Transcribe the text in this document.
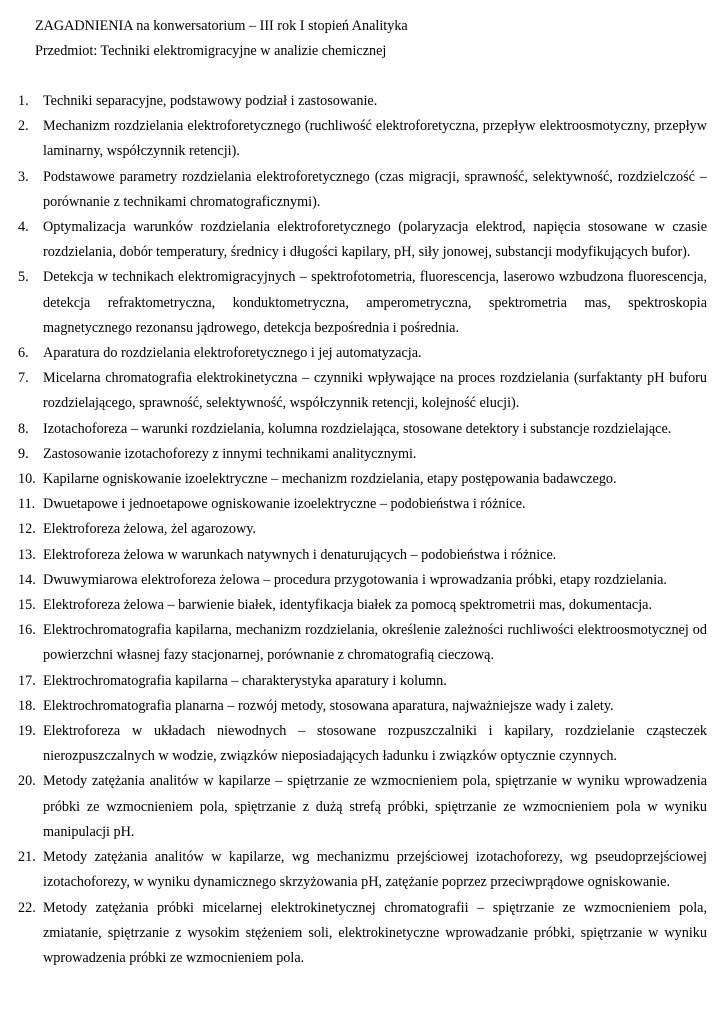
ZAGADNIENIA na konwersatorium – III rok I stopień Analityka
Przedmiot: Techniki elektromigracyjne w analizie chemicznej
1. Techniki separacyjne, podstawowy podział i zastosowanie.
2. Mechanizm rozdzielania elektroforetycznego (ruchliwość elektroforetyczna, przepływ elektroosmotyczny, przepływ laminarny, współczynnik retencji).
3. Podstawowe parametry rozdzielania elektroforetycznego (czas migracji, sprawność, selektywność, rozdzielczość – porównanie z technikami chromatograficznymi).
4. Optymalizacja warunków rozdzielania elektroforetycznego (polaryzacja elektrod, napięcia stosowane w czasie rozdzielania, dobór temperatury, średnicy i długości kapilary, pH, siły jonowej, substancji modyfikujących bufor).
5. Detekcja w technikach elektromigracyjnych – spektrofotometria, fluorescencja, laserowo wzbudzona fluorescencja, detekcja refraktometryczna, konduktometryczna, amperometryczna, spektrometria mas, spektroskopia magnetycznego rezonansu jądrowego, detekcja bezpośrednia i pośrednia.
6. Aparatura do rozdzielania elektroforetycznego i jej automatyzacja.
7. Micelarna chromatografia elektrokinetyczna – czynniki wpływające na proces rozdzielania (surfaktanty pH buforu rozdzielającego, sprawność, selektywność, współczynnik retencji, kolejność elucji).
8. Izotachoforeza – warunki rozdzielania, kolumna rozdzielająca, stosowane detektory i substancje rozdzielające.
9. Zastosowanie izotachoforezy z innymi technikami analitycznymi.
10. Kapilarne ogniskowanie izoelektryczne – mechanizm rozdzielania, etapy postępowania badawczego.
11. Dwuetapowe i jednoetapowe ogniskowanie izoelektryczne – podobieństwa i różnice.
12. Elektroforeza żelowa, żel agarozowy.
13. Elektroforeza żelowa w warunkach natywnych i denaturujących – podobieństwa i różnice.
14. Dwuwymiarowa elektroforeza żelowa – procedura przygotowania i wprowadzania próbki, etapy rozdzielania.
15. Elektroforeza żelowa – barwienie białek, identyfikacja białek za pomocą spektrometrii mas, dokumentacja.
16. Elektrochromatografia kapilarna, mechanizm rozdzielania, określenie zależności ruchliwości elektroosmotycznej od powierzchni własnej fazy stacjonarnej, porównanie z chromatografią cieczową.
17. Elektrochromatografia kapilarna – charakterystyka aparatury i kolumn.
18. Elektrochromatografia planarna – rozwój metody, stosowana aparatura, najważniejsze wady i zalety.
19. Elektroforeza w układach niewodnych – stosowane rozpuszczalniki i kapilary, rozdzielanie cząsteczek nierozpuszczalnych w wodzie, związków nieposiadających ładunku i związków optycznie czynnych.
20. Metody zatężania analitów w kapilarze – spiętrzanie ze wzmocnieniem pola, spiętrzanie w wyniku wprowadzenia próbki ze wzmocnieniem pola, spiętrzanie z dużą strefą próbki, spiętrzanie ze wzmocnieniem pola w wyniku manipulacji pH.
21. Metody zatężania analitów w kapilarze, wg mechanizmu przejściowej izotachoforezy, wg pseudoprzejściowej izotachoforezy, w wyniku dynamicznego skrzyżowania pH, zatężanie poprzez przeciwprądowe ogniskowanie.
22. Metody zatężania próbki micelarnej elektrokinetycznej chromatografii – spiętrzanie ze wzmocnieniem pola, zmiatanie, spiętrzanie z wysokim stężeniem soli, elektrokinetyczne wprowadzanie próbki, spiętrzanie w wyniku wprowadzenia próbki ze wzmocnieniem pola.
